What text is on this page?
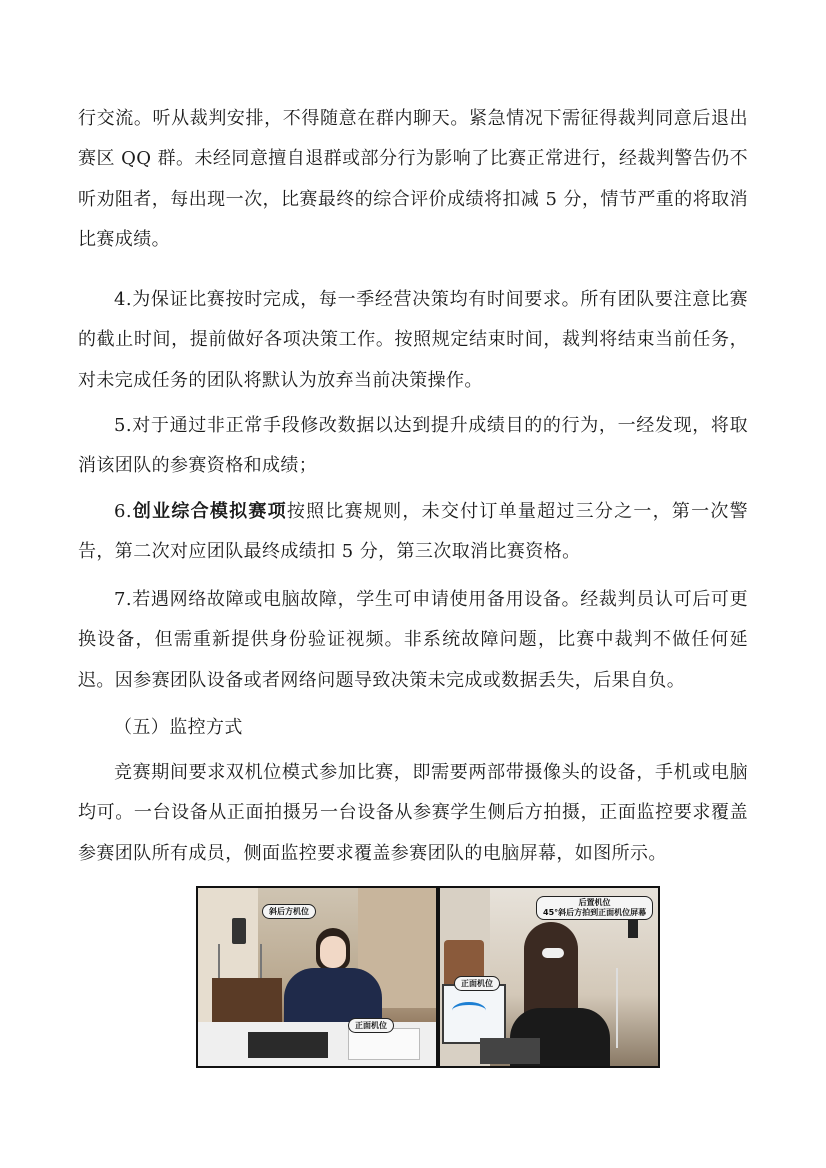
行交流。听从裁判安排，不得随意在群内聊天。紧急情况下需征得裁判同意后退出赛区 QQ 群。未经同意擅自退群或部分行为影响了比赛正常进行，经裁判警告仍不听劝阻者，每出现一次，比赛最终的综合评价成绩将扣减 5 分，情节严重的将取消比赛成绩。

4.为保证比赛按时完成，每一季经营决策均有时间要求。所有团队要注意比赛的截止时间，提前做好各项决策工作。按照规定结束时间，裁判将结束当前任务，对未完成任务的团队将默认为放弃当前决策操作。

5.对于通过非正常手段修改数据以达到提升成绩目的的行为，一经发现，将取消该团队的参赛资格和成绩；

6.创业综合模拟赛项按照比赛规则，未交付订单量超过三分之一，第一次警告，第二次对应团队最终成绩扣 5 分，第三次取消比赛资格。

7.若遇网络故障或电脑故障，学生可申请使用备用设备。经裁判员认可后可更换设备，但需重新提供身份验证视频。非系统故障问题，比赛中裁判不做任何延迟。因参赛团队设备或者网络问题导致决策未完成或数据丢失，后果自负。

（五）监控方式

竞赛期间要求双机位模式参加比赛，即需要两部带摄像头的设备，手机或电脑均可。一台设备从正面拍摄另一台设备从参赛学生侧后方拍摄，正面监控要求覆盖参赛团队所有成员，侧面监控要求覆盖参赛团队的电脑屏幕，如图所示。

斜后方机位
正面机位
后置机位
45°斜后方拍到正面机位屏幕
正面机位
